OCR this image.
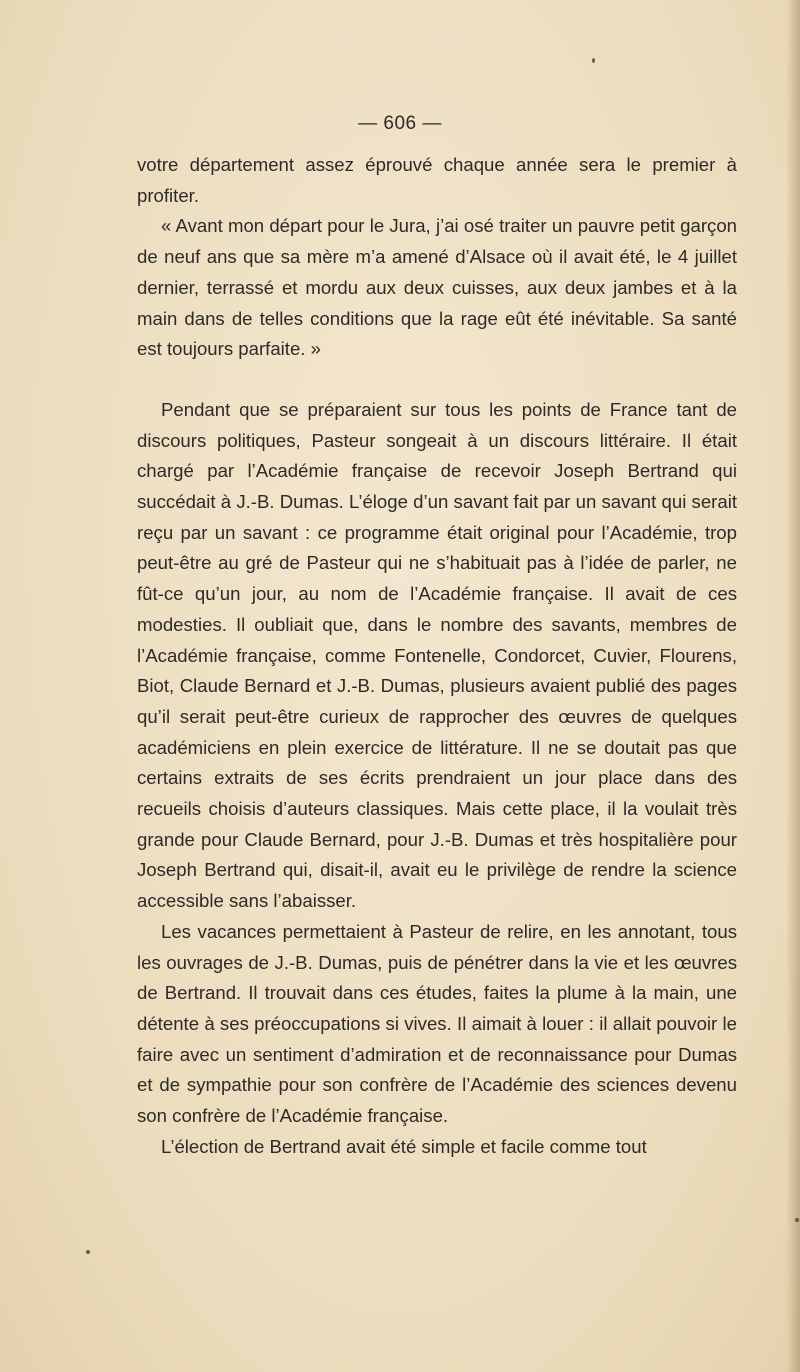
— 606 —

votre département assez éprouvé chaque année sera le premier à profiter.

« Avant mon départ pour le Jura, j’ai osé traiter un pauvre petit garçon de neuf ans que sa mère m’a amené d’Alsace où il avait été, le 4 juillet dernier, terrassé et mordu aux deux cuisses, aux deux jambes et à la main dans de telles conditions que la rage eût été inévitable. Sa santé est toujours parfaite. »

Pendant que se préparaient sur tous les points de France tant de discours politiques, Pasteur songeait à un discours littéraire. Il était chargé par l’Académie française de recevoir Joseph Bertrand qui succédait à J.-B. Dumas. L’éloge d’un savant fait par un savant qui serait reçu par un savant : ce programme était original pour l’Académie, trop peut-être au gré de Pasteur qui ne s’habituait pas à l’idée de parler, ne fût-ce qu’un jour, au nom de l’Académie française. Il avait de ces modesties. Il oubliait que, dans le nombre des savants, membres de l’Académie française, comme Fontenelle, Condorcet, Cuvier, Flourens, Biot, Claude Bernard et J.-B. Dumas, plusieurs avaient publié des pages qu’il serait peut-être curieux de rapprocher des œuvres de quelques académiciens en plein exercice de littérature. Il ne se doutait pas que certains extraits de ses écrits prendraient un jour place dans des recueils choisis d’auteurs classiques. Mais cette place, il la voulait très grande pour Claude Bernard, pour J.-B. Dumas et très hospitalière pour Joseph Bertrand qui, disait-il, avait eu le privilège de rendre la science accessible sans l’abaisser.

Les vacances permettaient à Pasteur de relire, en les annotant, tous les ouvrages de J.-B. Dumas, puis de pénétrer dans la vie et les œuvres de Bertrand. Il trouvait dans ces études, faites la plume à la main, une détente à ses préoccupations si vives. Il aimait à louer : il allait pouvoir le faire avec un sentiment d’admiration et de reconnaissance pour Dumas et de sympathie pour son confrère de l’Académie des sciences devenu son confrère de l’Académie française.

L’élection de Bertrand avait été simple et facile comme tout
